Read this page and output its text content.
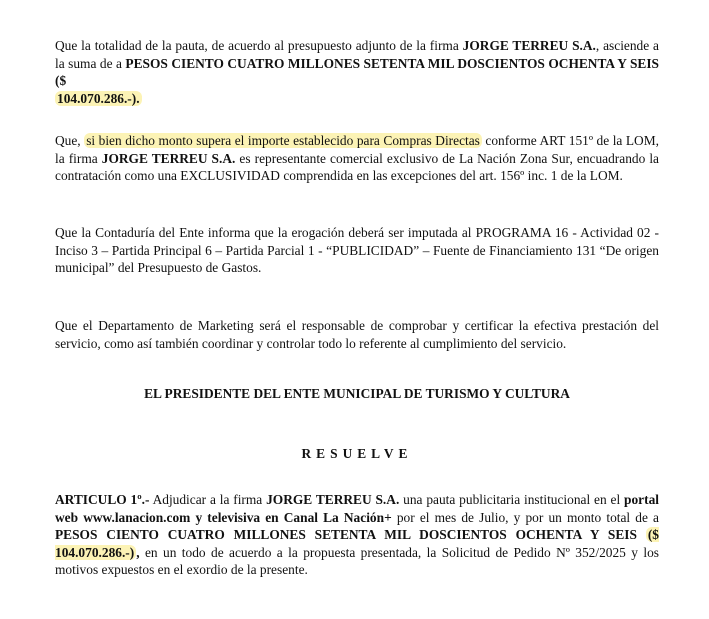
Que la totalidad de la pauta, de acuerdo al presupuesto adjunto de la firma JORGE TERREU S.A., asciende a la suma de a PESOS CIENTO CUATRO MILLONES SETENTA MIL DOSCIENTOS OCHENTA Y SEIS ($
104.070.286.-).

Que, si bien dicho monto supera el importe establecido para Compras Directas conforme ART 151º de la LOM, la firma JORGE TERREU S.A. es representante comercial exclusivo de La Nación Zona Sur, encuadrando la contratación como una EXCLUSIVIDAD comprendida en las excepciones del art. 156º inc. 1 de la LOM.

Que la Contaduría del Ente informa que la erogación deberá ser imputada al PROGRAMA 16 - Actividad 02 - Inciso 3 – Partida Principal 6 – Partida Parcial 1 - “PUBLICIDAD” – Fuente de Financiamiento 131 “De origen municipal” del Presupuesto de Gastos.

Que el Departamento de Marketing será el responsable de comprobar y certificar la efectiva prestación del servicio, como así también coordinar y controlar todo lo referente al cumplimiento del servicio.

EL PRESIDENTE DEL ENTE MUNICIPAL DE TURISMO Y CULTURA

RESUELVE

ARTICULO 1º.- Adjudicar a la firma JORGE TERREU S.A. una pauta publicitaria institucional en el portal web www.lanacion.com y televisiva en Canal La Nación+ por el mes de Julio, y por un monto total de a PESOS CIENTO CUATRO MILLONES SETENTA MIL DOSCIENTOS OCHENTA Y SEIS ($ 104.070.286.-) , en un todo de acuerdo a la propuesta presentada, la Solicitud de Pedido Nº 352/2025 y los motivos expuestos en el exordio de la presente.
